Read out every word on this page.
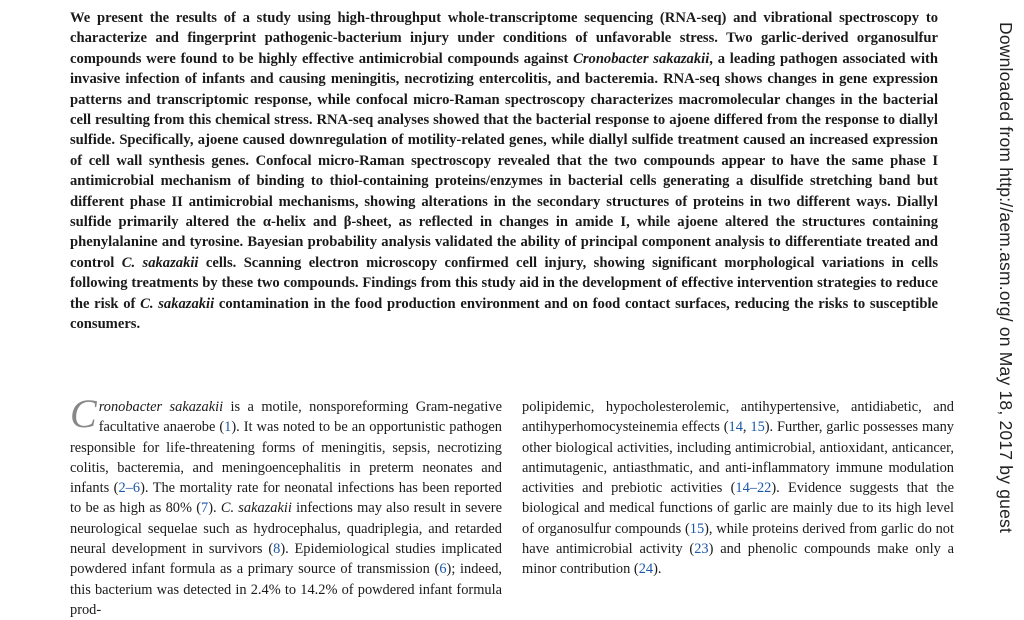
We present the results of a study using high-throughput whole-transcriptome sequencing (RNA-seq) and vibrational spectroscopy to characterize and fingerprint pathogenic-bacterium injury under conditions of unfavorable stress. Two garlic-derived organosulfur compounds were found to be highly effective antimicrobial compounds against Cronobacter sakazakii, a leading pathogen associated with invasive infection of infants and causing meningitis, necrotizing entercolitis, and bacteremia. RNA-seq shows changes in gene expression patterns and transcriptomic response, while confocal micro-Raman spectroscopy characterizes macromolecular changes in the bacterial cell resulting from this chemical stress. RNA-seq analyses showed that the bacterial response to ajoene differed from the response to diallyl sulfide. Specifically, ajoene caused downregulation of motility-related genes, while diallyl sulfide treatment caused an increased expression of cell wall synthesis genes. Confocal micro-Raman spectroscopy revealed that the two compounds appear to have the same phase I antimicrobial mechanism of binding to thiol-containing proteins/enzymes in bacterial cells generating a disulfide stretching band but different phase II antimicrobial mechanisms, showing alterations in the secondary structures of proteins in two different ways. Diallyl sulfide primarily altered the α-helix and β-sheet, as reflected in changes in amide I, while ajoene altered the structures containing phenylalanine and tyrosine. Bayesian probability analysis validated the ability of principal component analysis to differentiate treated and control C. sakazakii cells. Scanning electron microscopy confirmed cell injury, showing significant morphological variations in cells following treatments by these two compounds. Findings from this study aid in the development of effective intervention strategies to reduce the risk of C. sakazakii contamination in the food production environment and on food contact surfaces, reducing the risks to susceptible consumers.

Cronobacter sakazakii is a motile, nonsporeforming Gram-negative facultative anaerobe (1). It was noted to be an opportunistic pathogen responsible for life-threatening forms of meningitis, sepsis, necrotizing colitis, bacteremia, and meningoencephalitis in preterm neonates and infants (2–6). The mortality rate for neonatal infections has been reported to be as high as 80% (7). C. sakazakii infections may also result in severe neurological sequelae such as hydrocephalus, quadriplegia, and retarded neural development in survivors (8). Epidemiological studies implicated powdered infant formula as a primary source of transmission (6); indeed, this bacterium was detected in 2.4% to 14.2% of powdered infant formula prod-

polipidemic, hypocholesterolemic, antihypertensive, antidiabetic, and antihyperhomocysteinemia effects (14, 15). Further, garlic possesses many other biological activities, including antimicrobial, antioxidant, anticancer, antimutagenic, antiasthmatic, and anti-inflammatory immune modulation activities and prebiotic activities (14–22). Evidence suggests that the biological and medical functions of garlic are mainly due to its high level of organosulfur compounds (15), while proteins derived from garlic do not have antimicrobial activity (23) and phenolic compounds make only a minor contribution (24).

Downloaded from http://aem.asm.org/ on May 18, 2017 by guest
